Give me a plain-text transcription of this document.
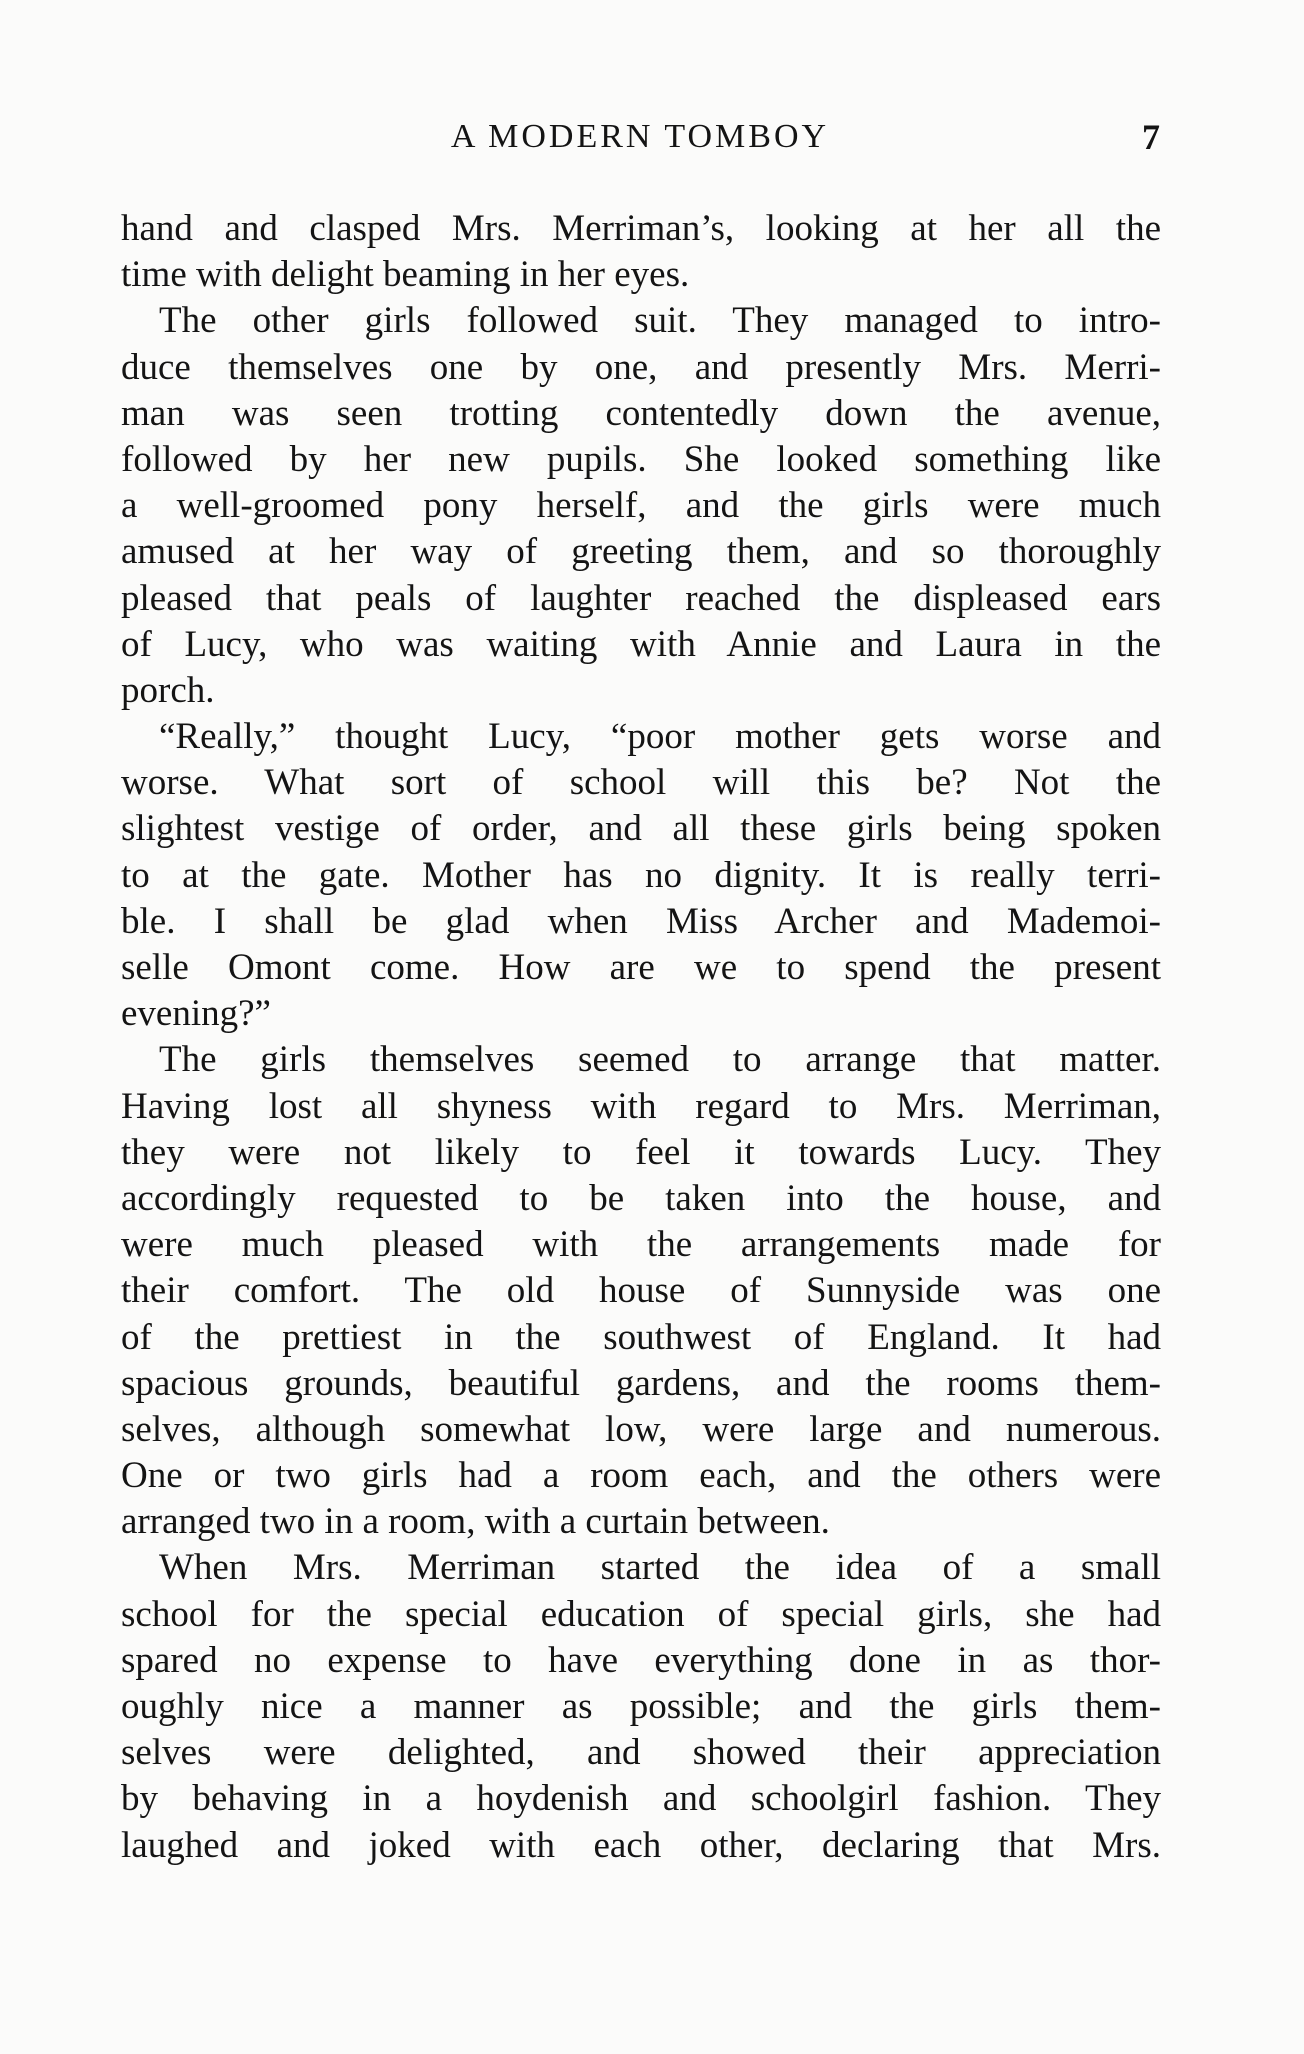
A MODERN TOMBOY	7
hand and clasped Mrs. Merriman’s, looking at her all the
time with delight beaming in her eyes.
The other girls followed suit. They managed to intro-
duce themselves one by one, and presently Mrs. Merri-
man was seen trotting contentedly down the avenue,
followed by her new pupils. She looked something like
a well-groomed pony herself, and the girls were much
amused at her way of greeting them, and so thoroughly
pleased that peals of laughter reached the displeased ears
of Lucy, who was waiting with Annie and Laura in the
porch.
“Really,” thought Lucy, “poor mother gets worse and
worse. What sort of school will this be? Not the
slightest vestige of order, and all these girls being spoken
to at the gate. Mother has no dignity. It is really terri-
ble. I shall be glad when Miss Archer and Mademoi-
selle Omont come. How are we to spend the present
evening?”
The girls themselves seemed to arrange that matter.
Having lost all shyness with regard to Mrs. Merriman,
they were not likely to feel it towards Lucy. They
accordingly requested to be taken into the house, and
were much pleased with the arrangements made for
their comfort. The old house of Sunnyside was one
of the prettiest in the southwest of England. It had
spacious grounds, beautiful gardens, and the rooms them-
selves, although somewhat low, were large and numerous.
One or two girls had a room each, and the others were
arranged two in a room, with a curtain between.
When Mrs. Merriman started the idea of a small
school for the special education of special girls, she had
spared no expense to have everything done in as thor-
oughly nice a manner as possible; and the girls them-
selves were delighted, and showed their appreciation
by behaving in a hoydenish and schoolgirl fashion. They
laughed and joked with each other, declaring that Mrs.
